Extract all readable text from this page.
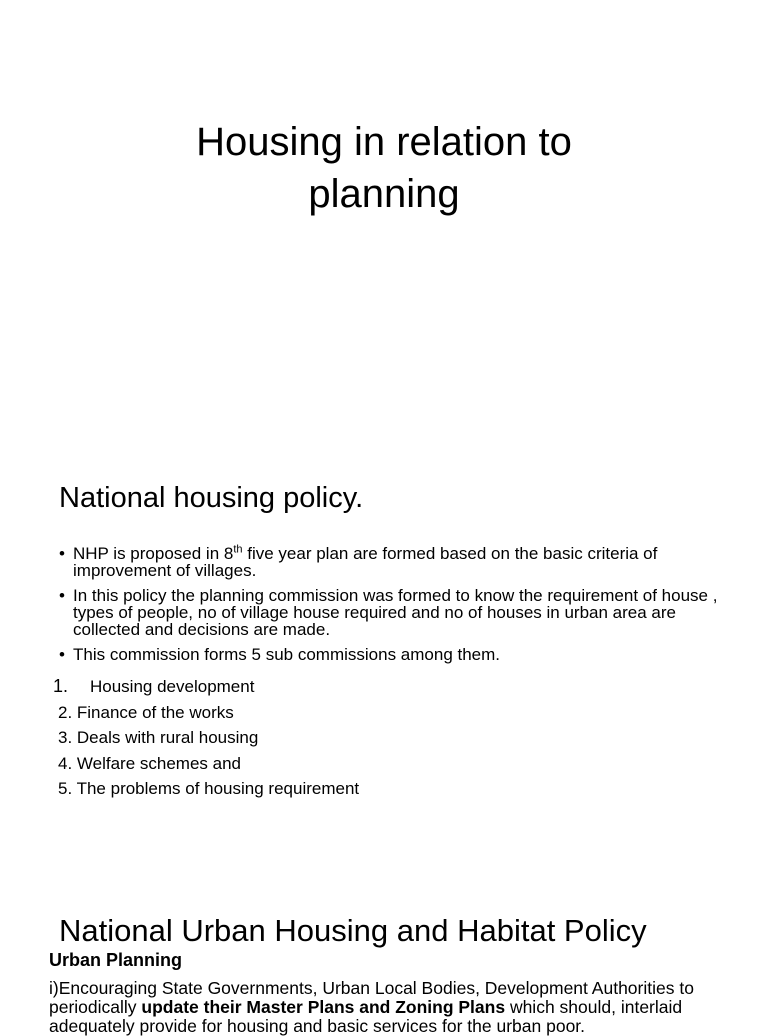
Housing in relation to
planning
National housing policy.
• NHP is proposed in 8th five year plan are formed based on the basic criteria of improvement of villages.
• In this policy the planning commission was formed to know the requirement of house , types of people, no of village house required and no of houses in urban area are collected and decisions are made.
• This commission forms 5 sub commissions among them.
1. Housing development
2. Finance of the works
3. Deals with rural housing
4. Welfare schemes and
5. The problems of housing requirement
National Urban Housing and Habitat Policy
Urban Planning
i)Encouraging State Governments, Urban Local Bodies, Development Authorities to periodically update their Master Plans and Zoning Plans which should, interlaid adequately provide for housing and basic services for the urban poor.
